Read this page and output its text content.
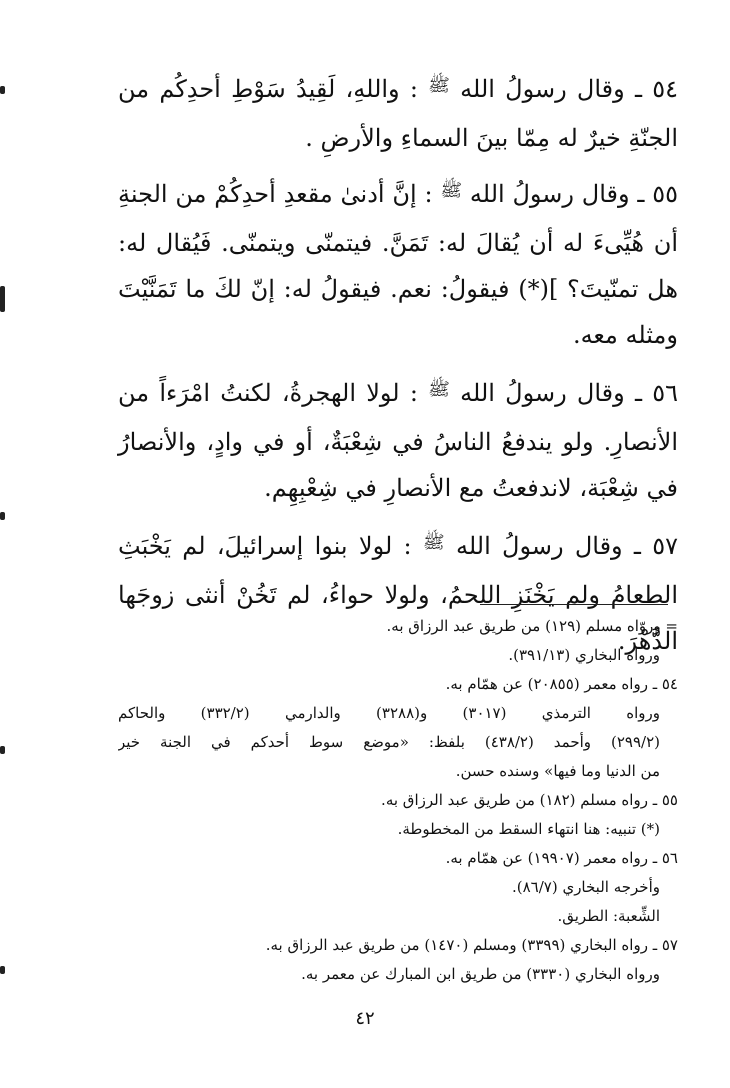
٥٤ ـ وقال رسولُ الله ﷺ : واللهِ، لَقِيدُ سَوْطِ أحدِكُم من الجنّةِ خيرٌ له مِمّا بينَ السماءِ والأرضِ .

٥٥ ـ وقال رسولُ الله ﷺ : إنَّ أدنىٰ مقعدِ أحدِكُمْ من الجنةِ أن هُيِّىءَ له أن يُقالَ له: تَمَنَّ. فيتمنّى ويتمنّى. فَيُقال له: هل تمنّيتَ؟ ](*) فيقولُ: نعم. فيقولُ له: إنّ لكَ ما تَمَنَّيْتَ ومثله معه.

٥٦ ـ وقال رسولُ الله ﷺ : لولا الهجرةُ، لكنتُ امْرَءاً من الأنصارِ. ولو يندفعُ الناسُ في شِعْبَةٌ، أو في وادٍ، والأنصارُ في شِعْبَة، لاندفعتُ مع الأنصارِ في شِعْبِهِم.

٥٧ ـ وقال رسولُ الله ﷺ : لولا بنوا إسرائيلَ، لم يَخْبَثِ الطعامُ ولم يَخْنَزِ اللحمُ، ولولا حواءُ، لم تَخُنْ أنثى زوجَها الدَّهْرَ.

= وروّاه مسلم (١٢٩) من طريق عبد الرزاق به.
ورواه البخاري (٣٩١/١٣).
٥٤ ـ رواه معمر (٢٠٨٥٥) عن همّام به.
ورواه الترمذي (٣٠١٧) و(٣٢٨٨) والدارمي (٣٣٢/٢) والحاكم
(٢٩٩/٢) وأحمد (٤٣٨/٢) بلفظ: «موضع سوط أحدكم في الجنة خير
من الدنيا وما فيها» وسنده حسن.
٥٥ ـ رواه مسلم (١٨٢) من طريق عبد الرزاق به.
(*) تنبيه: هنا انتهاء السقط من المخطوطة.
٥٦ ـ رواه معمر (١٩٩٠٧) عن همّام به.
وأخرجه البخاري (٨٦/٧).
الشِّعبة: الطريق.
٥٧ ـ رواه البخاري (٣٣٩٩) ومسلم (١٤٧٠) من طريق عبد الرزاق به.
ورواه البخاري (٣٣٣٠) من طريق ابن المبارك عن معمر به.
٤٢
